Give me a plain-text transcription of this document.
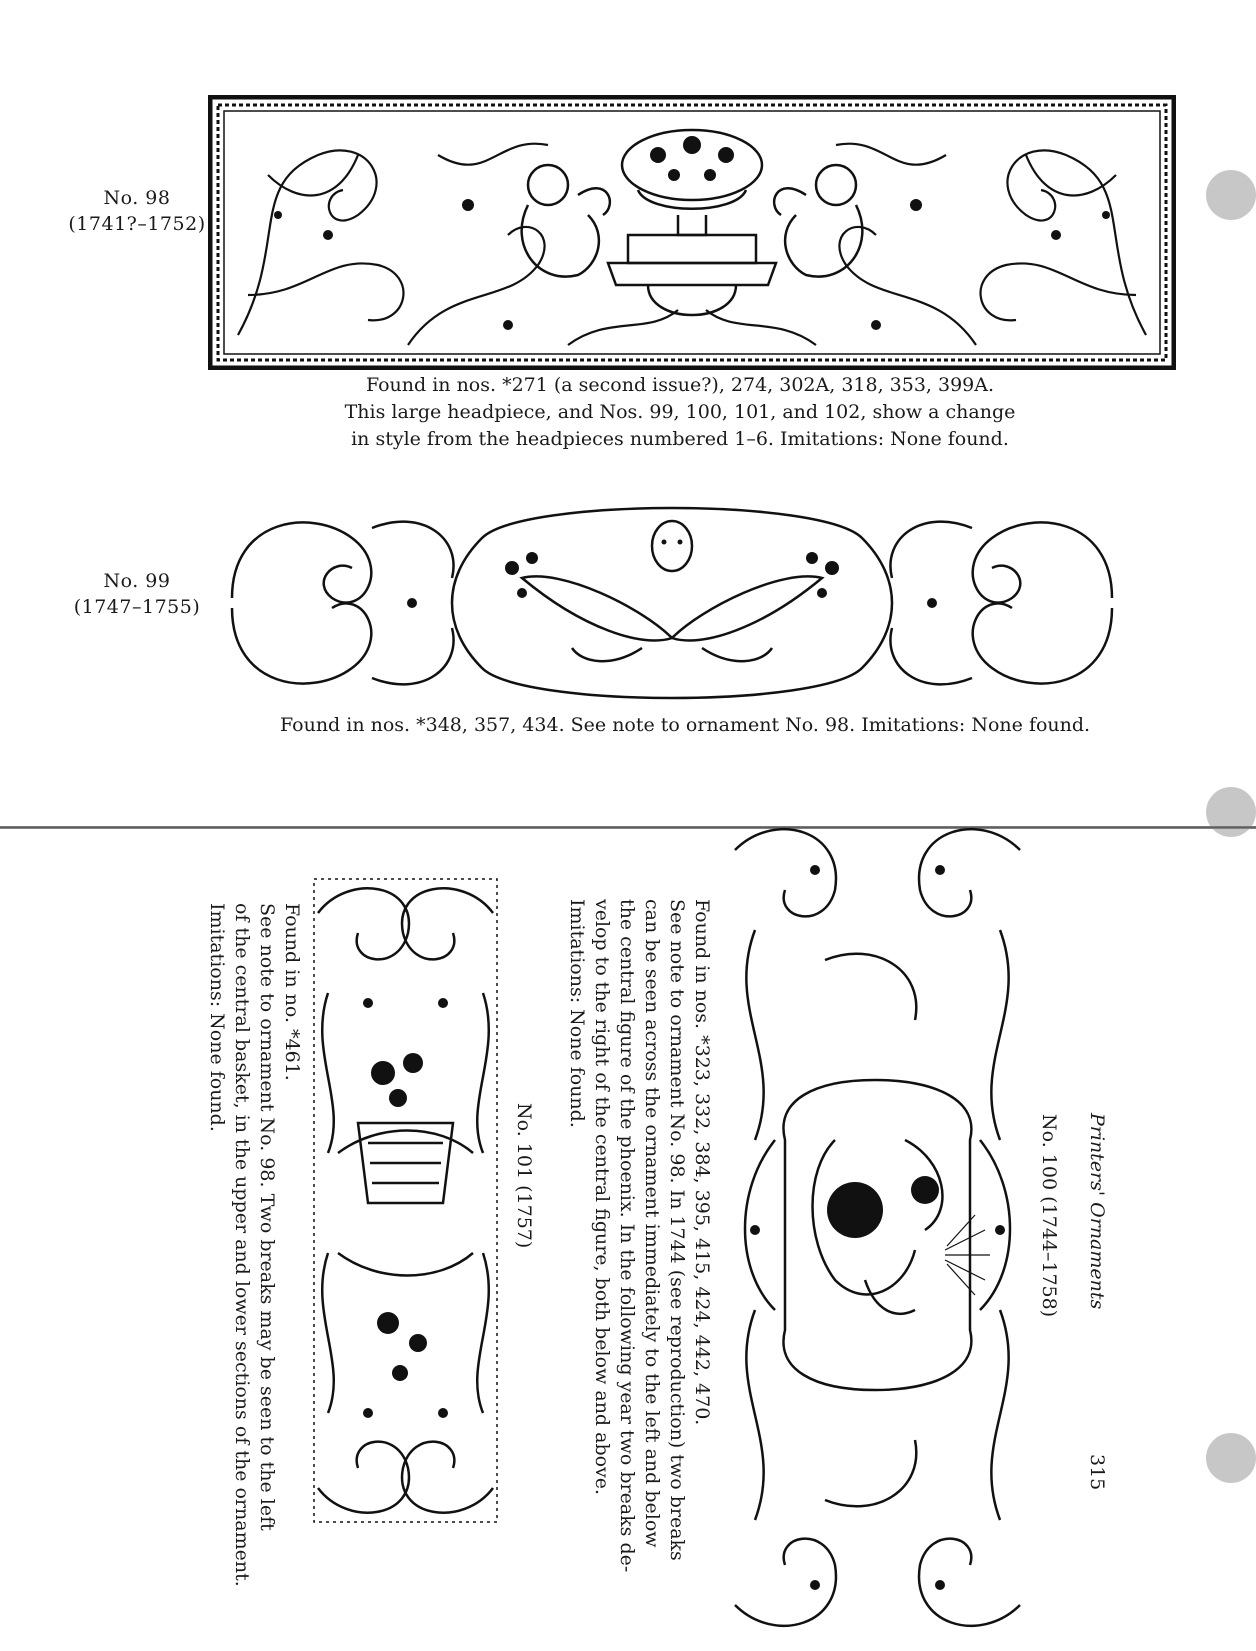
No. 98
(1741?–1752)
Found in nos. *271 (a second issue?), 274, 302A, 318, 353, 399A.
This large headpiece, and Nos. 99, 100, 101, and 102, show a change
in style from the headpieces numbered 1–6. Imitations: None found.
No. 99
(1747–1755)
Found in nos. *348, 357, 434. See note to ornament No. 98. Imitations: None found.
Printers' Ornaments
315
No. 100 (1744–1758)
Found in nos. *323, 332, 384, 395, 415, 424, 442, 470.
See note to ornament No. 98. In 1744 (see reproduction) two breaks
can be seen across the ornament immediately to the left and below
the central figure of the phoenix. In the following year two breaks de-
velop to the right of the central figure, both below and above.
Imitations: None found.
No. 101 (1757)
Found in no. *461.
See note to ornament No. 98. Two breaks may be seen to the left
of the central basket, in the upper and lower sections of the ornament.
Imitations: None found.
